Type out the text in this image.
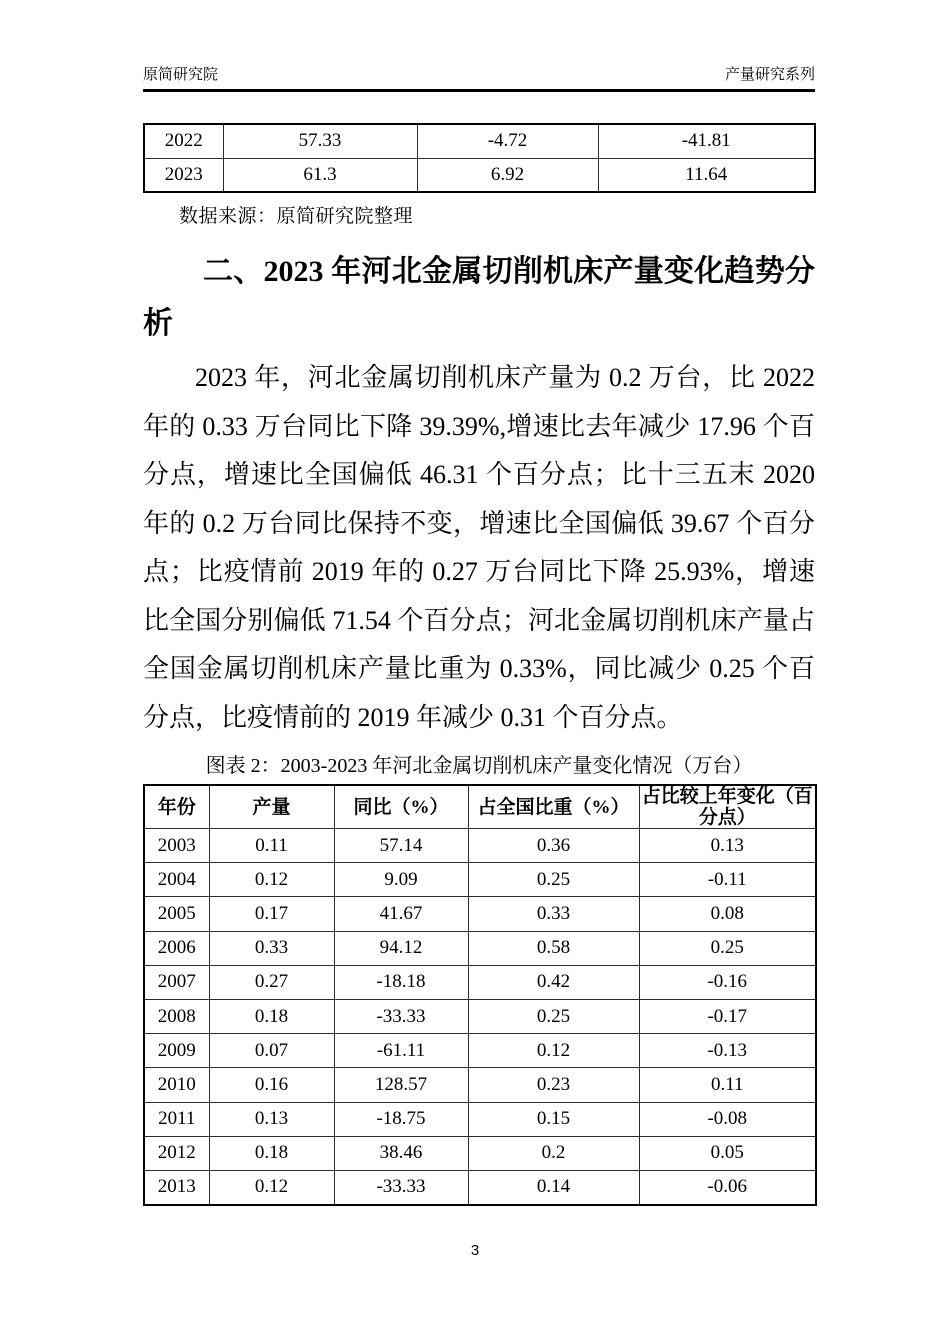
原简研究院	产量研究系列
2022	57.33	-4.72	-41.81
2023	61.3	6.92	11.64
数据来源：原简研究院整理
二、2023 年河北金属切削机床产量变化趋势分析

2023 年，河北金属切削机床产量为 0.2 万台，比 2022 年的 0.33 万台同比下降 39.39%,增速比去年减少 17.96 个百分点，增速比全国偏低 46.31 个百分点；比十三五末 2020 年的 0.2 万台同比保持不变，增速比全国偏低 39.67 个百分点；比疫情前 2019 年的 0.27 万台同比下降 25.93%，增速比全国分别偏低 71.54 个百分点；河北金属切削机床产量占全国金属切削机床产量比重为 0.33%，同比减少 0.25 个百分点，比疫情前的 2019 年减少 0.31 个百分点。

图表 2：2003-2023 年河北金属切削机床产量变化情况（万台）
年份	产量	同比（%）	占全国比重（%）	占比较上年变化（百分点）
2003	0.11	57.14	0.36	0.13
2004	0.12	9.09	0.25	-0.11
2005	0.17	41.67	0.33	0.08
2006	0.33	94.12	0.58	0.25
2007	0.27	-18.18	0.42	-0.16
2008	0.18	-33.33	0.25	-0.17
2009	0.07	-61.11	0.12	-0.13
2010	0.16	128.57	0.23	0.11
2011	0.13	-18.75	0.15	-0.08
2012	0.18	38.46	0.2	0.05
2013	0.12	-33.33	0.14	-0.06
3
